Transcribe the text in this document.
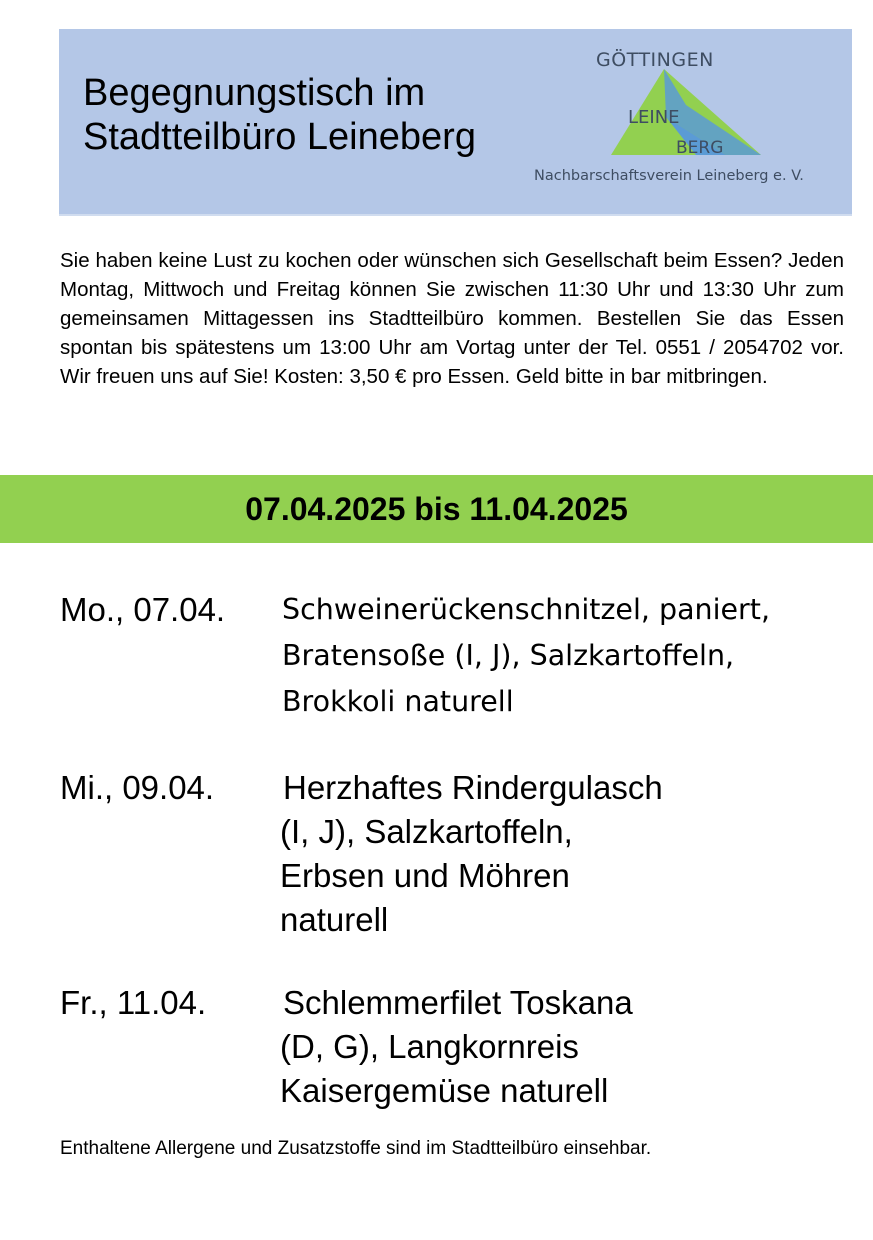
Begegnungstisch im
Stadtteilbüro Leineberg
GÖTTINGEN
LEINE
BERG
Nachbarschaftsverein Leineberg e. V.
Sie haben keine Lust zu kochen oder wünschen sich Gesellschaft beim Essen? Jeden Montag, Mittwoch und Freitag können Sie zwischen 11:30 Uhr und 13:30 Uhr zum gemeinsamen Mittagessen ins Stadtteilbüro kommen. Bestellen Sie das Essen spontan bis spätestens um 13:00 Uhr am Vortag unter der Tel. 0551 / 2054702 vor. Wir freuen uns auf Sie! Kosten: 3,50 € pro Essen. Geld bitte in bar mitbringen.
07.04.2025 bis 11.04.2025
Mo., 07.04. Schweinerückenschnitzel, paniert,
Bratensoße (I, J), Salzkartoffeln,
Brokkoli naturell
Mi., 09.04. Herzhaftes Rindergulasch
(I, J), Salzkartoffeln,
Erbsen und Möhren
naturell
Fr., 11.04. Schlemmerfilet Toskana
(D, G), Langkornreis
Kaisergemüse naturell
Enthaltene Allergene und Zusatzstoffe sind im Stadtteilbüro einsehbar.
